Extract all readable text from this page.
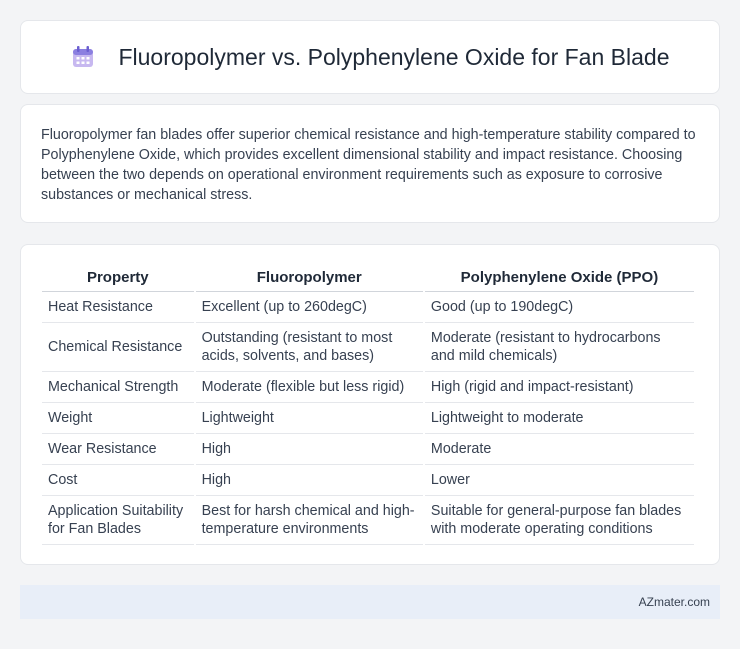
Fluoropolymer vs. Polyphenylene Oxide for Fan Blade

Fluoropolymer fan blades offer superior chemical resistance and high-temperature stability compared to Polyphenylene Oxide, which provides excellent dimensional stability and impact resistance. Choosing between the two depends on operational environment requirements such as exposure to corrosive substances or mechanical stress.

Property	Fluoropolymer	Polyphenylene Oxide (PPO)
Heat Resistance	Excellent (up to 260degC)	Good (up to 190degC)
Chemical Resistance	Outstanding (resistant to most acids, solvents, and bases)	Moderate (resistant to hydrocarbons and mild chemicals)
Mechanical Strength	Moderate (flexible but less rigid)	High (rigid and impact-resistant)
Weight	Lightweight	Lightweight to moderate
Wear Resistance	High	Moderate
Cost	High	Lower
Application Suitability for Fan Blades	Best for harsh chemical and high-temperature environments	Suitable for general-purpose fan blades with moderate operating conditions
AZmater.com
